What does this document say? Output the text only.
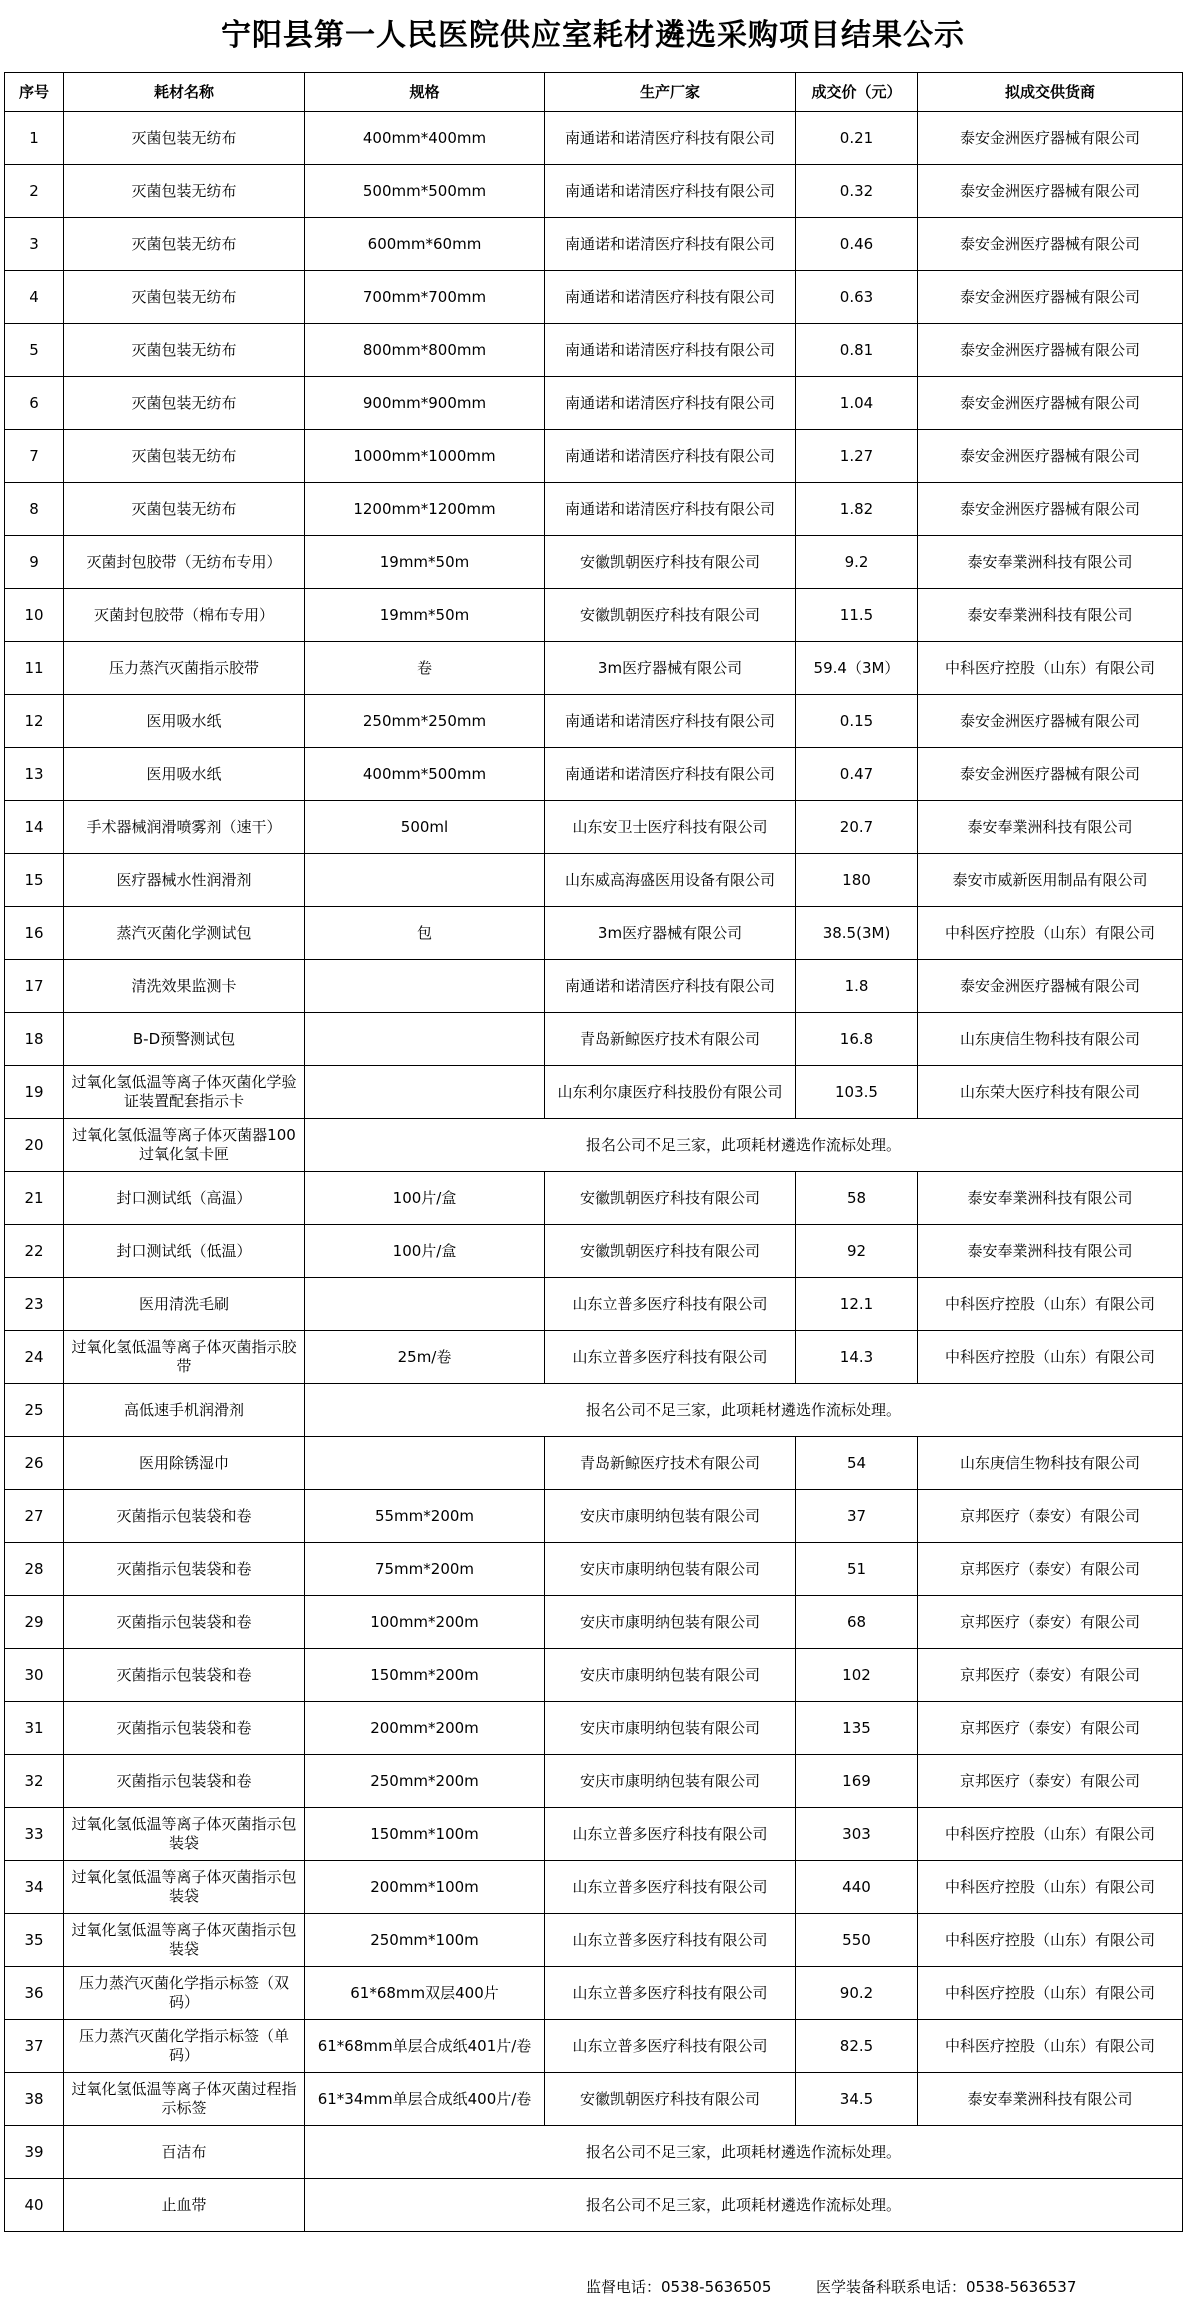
宁阳县第一人民医院供应室耗材遴选采购项目结果公示
序号	耗材名称	规格	生产厂家	成交价（元）	拟成交供货商
1	灭菌包装无纺布	400mm*400mm	南通诺和诺清医疗科技有限公司	0.21	泰安金洲医疗器械有限公司
2	灭菌包装无纺布	500mm*500mm	南通诺和诺清医疗科技有限公司	0.32	泰安金洲医疗器械有限公司
3	灭菌包装无纺布	600mm*60mm	南通诺和诺清医疗科技有限公司	0.46	泰安金洲医疗器械有限公司
4	灭菌包装无纺布	700mm*700mm	南通诺和诺清医疗科技有限公司	0.63	泰安金洲医疗器械有限公司
5	灭菌包装无纺布	800mm*800mm	南通诺和诺清医疗科技有限公司	0.81	泰安金洲医疗器械有限公司
6	灭菌包装无纺布	900mm*900mm	南通诺和诺清医疗科技有限公司	1.04	泰安金洲医疗器械有限公司
7	灭菌包装无纺布	1000mm*1000mm	南通诺和诺清医疗科技有限公司	1.27	泰安金洲医疗器械有限公司
8	灭菌包装无纺布	1200mm*1200mm	南通诺和诺清医疗科技有限公司	1.82	泰安金洲医疗器械有限公司
9	灭菌封包胶带（无纺布专用）	19mm*50m	安徽凯朝医疗科技有限公司	9.2	泰安奉業洲科技有限公司
10	灭菌封包胶带（棉布专用）	19mm*50m	安徽凯朝医疗科技有限公司	11.5	泰安奉業洲科技有限公司
11	压力蒸汽灭菌指示胶带	卷	3m医疗器械有限公司	59.4（3M）	中科医疗控股（山东）有限公司
12	医用吸水纸	250mm*250mm	南通诺和诺清医疗科技有限公司	0.15	泰安金洲医疗器械有限公司
13	医用吸水纸	400mm*500mm	南通诺和诺清医疗科技有限公司	0.47	泰安金洲医疗器械有限公司
14	手术器械润滑喷雾剂（速干）	500ml	山东安卫士医疗科技有限公司	20.7	泰安奉業洲科技有限公司
15	医疗器械水性润滑剂		山东威高海盛医用设备有限公司	180	泰安市威新医用制品有限公司
16	蒸汽灭菌化学测试包	包	3m医疗器械有限公司	38.5(3M)	中科医疗控股（山东）有限公司
17	清洗效果监测卡		南通诺和诺清医疗科技有限公司	1.8	泰安金洲医疗器械有限公司
18	B-D预警测试包		青岛新鲸医疗技术有限公司	16.8	山东庚信生物科技有限公司
19	过氧化氢低温等离子体灭菌化学验证装置配套指示卡		山东利尔康医疗科技股份有限公司	103.5	山东荣大医疗科技有限公司
20	过氧化氢低温等离子体灭菌器100过氧化氢卡匣	报名公司不足三家，此项耗材遴选作流标处理。			
21	封口测试纸（高温）	100片/盒	安徽凯朝医疗科技有限公司	58	泰安奉業洲科技有限公司
22	封口测试纸（低温）	100片/盒	安徽凯朝医疗科技有限公司	92	泰安奉業洲科技有限公司
23	医用清洗毛刷		山东立普多医疗科技有限公司	12.1	中科医疗控股（山东）有限公司
24	过氧化氢低温等离子体灭菌指示胶带	25m/卷	山东立普多医疗科技有限公司	14.3	中科医疗控股（山东）有限公司
25	高低速手机润滑剂	报名公司不足三家，此项耗材遴选作流标处理。			
26	医用除锈湿巾		青岛新鲸医疗技术有限公司	54	山东庚信生物科技有限公司
27	灭菌指示包装袋和卷	55mm*200m	安庆市康明纳包装有限公司	37	京邦医疗（泰安）有限公司
28	灭菌指示包装袋和卷	75mm*200m	安庆市康明纳包装有限公司	51	京邦医疗（泰安）有限公司
29	灭菌指示包装袋和卷	100mm*200m	安庆市康明纳包装有限公司	68	京邦医疗（泰安）有限公司
30	灭菌指示包装袋和卷	150mm*200m	安庆市康明纳包装有限公司	102	京邦医疗（泰安）有限公司
31	灭菌指示包装袋和卷	200mm*200m	安庆市康明纳包装有限公司	135	京邦医疗（泰安）有限公司
32	灭菌指示包装袋和卷	250mm*200m	安庆市康明纳包装有限公司	169	京邦医疗（泰安）有限公司
33	过氧化氢低温等离子体灭菌指示包装袋	150mm*100m	山东立普多医疗科技有限公司	303	中科医疗控股（山东）有限公司
34	过氧化氢低温等离子体灭菌指示包装袋	200mm*100m	山东立普多医疗科技有限公司	440	中科医疗控股（山东）有限公司
35	过氧化氢低温等离子体灭菌指示包装袋	250mm*100m	山东立普多医疗科技有限公司	550	中科医疗控股（山东）有限公司
36	压力蒸汽灭菌化学指示标签（双码）	61*68mm双层400片	山东立普多医疗科技有限公司	90.2	中科医疗控股（山东）有限公司
37	压力蒸汽灭菌化学指示标签（单码）	61*68mm单层合成纸401片/卷	山东立普多医疗科技有限公司	82.5	中科医疗控股（山东）有限公司
38	过氧化氢低温等离子体灭菌过程指示标签	61*34mm单层合成纸400片/卷	安徽凯朝医疗科技有限公司	34.5	泰安奉業洲科技有限公司
39	百洁布	报名公司不足三家，此项耗材遴选作流标处理。			
40	止血带	报名公司不足三家，此项耗材遴选作流标处理。			
监督电话：0538-5636505	医学装备科联系电话：0538-5636537
